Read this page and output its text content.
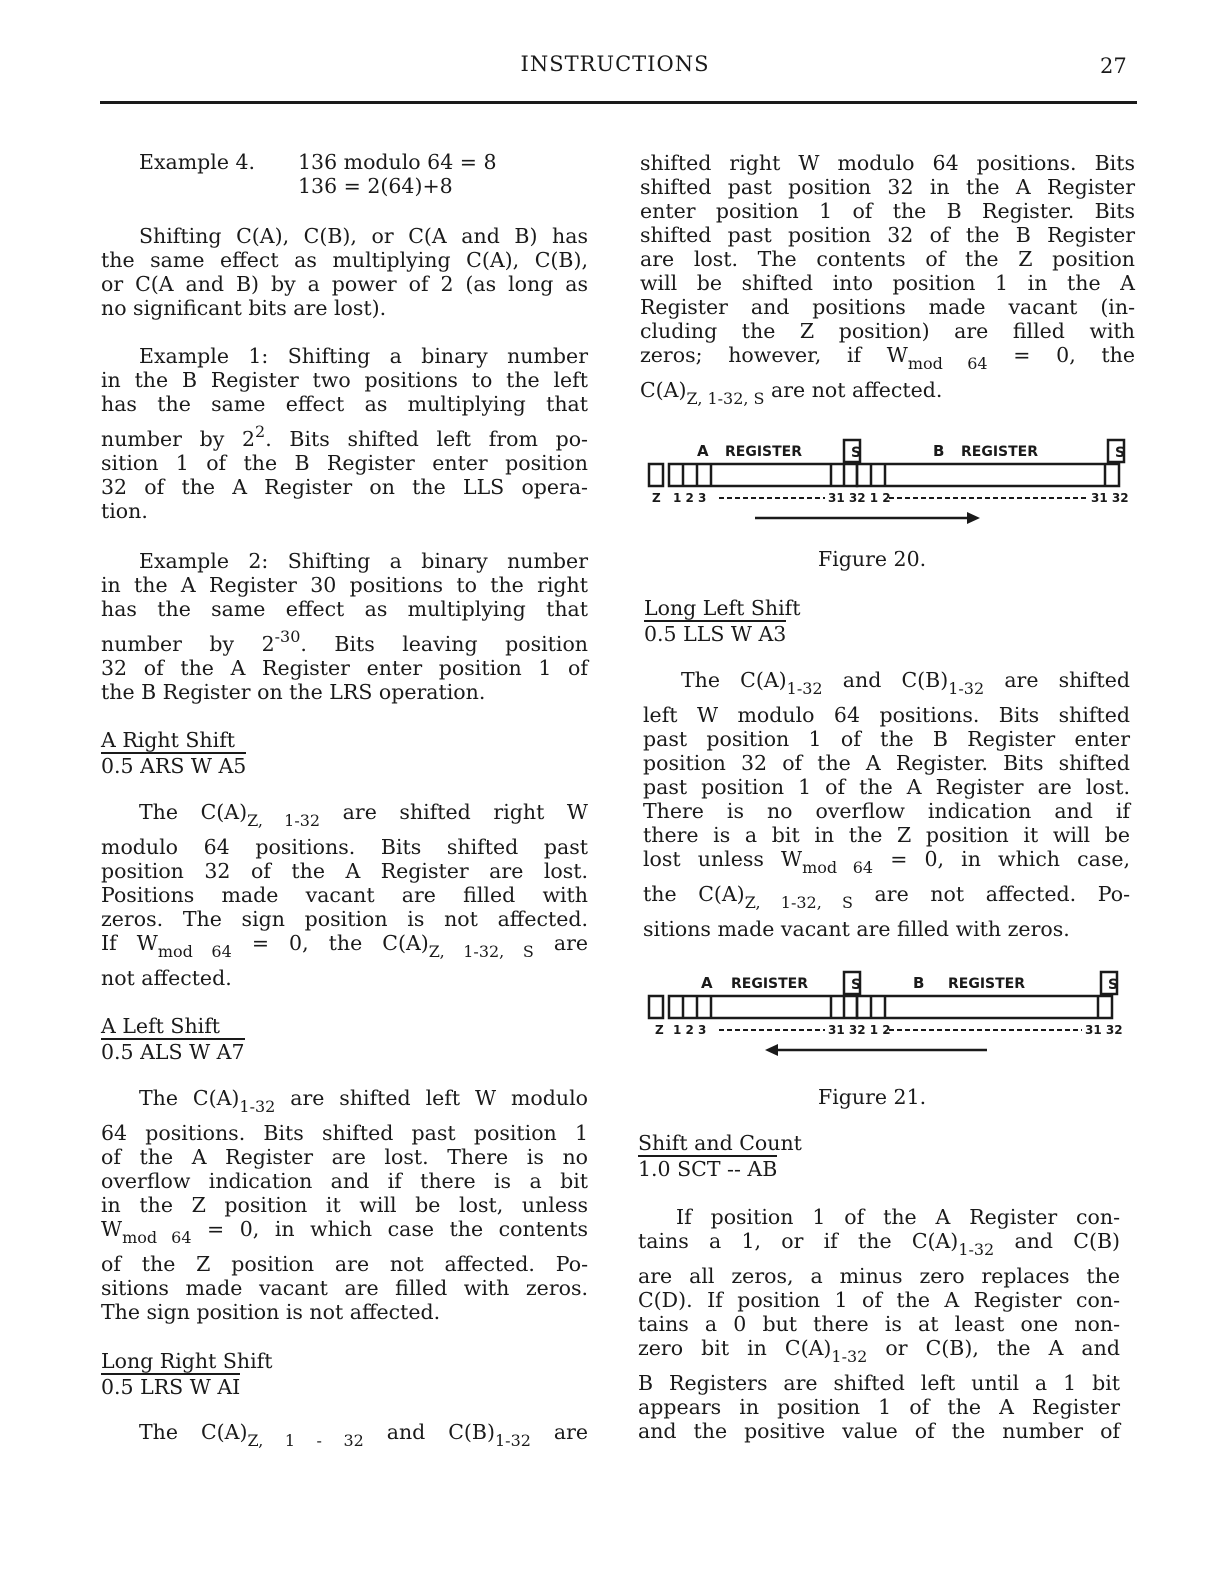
INSTRUCTIONS	27
Example 4. 136 modulo 64 = 8
136 = 2(64)+8

Shifting C(A), C(B), or C(A and B) has

the same effect as multiplying C(A), C(B),

or C(A and B) by a power of 2 (as long as

no significant bits are lost).

Example 1: Shifting a binary number

in the B Register two positions to the left

has the same effect as multiplying that

number by $2^2$. Bits shifted left from po-

sition 1 of the B Register enter position

32 of the A Register on the LLS opera-

tion.

Example 2: Shifting a binary number

in the A Register 30 positions to the right

has the same effect as multiplying that

number by $2^{-30}$. Bits leaving position

32 of the A Register enter position 1 of

the B Register on the LRS operation.

A Right Shift
0.5 ARS W A5

The $C(A)_{Z, 1-32}$ are shifted right W

modulo 64 positions. Bits shifted past

position 32 of the A Register are lost.

Positions made vacant are filled with

zeros. The sign position is not affected.

If $W_{mod 64} = 0$, the $C(A)_{Z, 1-32, S}$ are

not affected.

A Left Shift
0.5 ALS W A7

The $C(A)_{1-32}$ are shifted left W modulo

64 positions. Bits shifted past position 1

of the A Register are lost. There is no

overflow indication and if there is a bit

in the Z position it will be lost, unless

$W_{mod 64} = 0$, in which case the contents

of the Z position are not affected. Po-

sitions made vacant are filled with zeros.

The sign position is not affected.

Long Right Shift
0.5 LRS W AI

The $C(A)_{Z, 1 - 32}$ and $C(B)_{1-32}$ are

shifted right W modulo 64 positions. Bits

shifted past position 32 in the A Register

enter position 1 of the B Register. Bits

shifted past position 32 of the B Register

are lost. The contents of the Z position

will be shifted into position 1 in the A

Register and positions made vacant (in-

cluding the Z position) are filled with

zeros; however, if $W_{mod 64} = 0$, the

$C(A)_{Z, 1-32, S}$ are not affected.

A REGISTER	B REGISTER
S	S
Z 1 2 3	31 32 1 2	31 32
Figure 20.
Long Left Shift
0.5 LLS W A3

The $C(A)_{1-32}$ and $C(B)_{1-32}$ are shifted

left W modulo 64 positions. Bits shifted

past position 1 of the B Register enter

position 32 of the A Register. Bits shifted

past position 1 of the A Register are lost.

There is no overflow indication and if

there is a bit in the Z position it will be

lost unless $W_{mod 64} = 0$, in which case,

the $C(A)_{Z, 1-32, S}$ are not affected. Po-

sitions made vacant are filled with zeros.

A REGISTER	B REGISTER
S	S
Z 1 2 3	31 32 1 2	31 32
Figure 21.
Shift and Count
1.0 SCT -- AB

If position 1 of the A Register con-

tains a 1, or if the $C(A)_{1-32}$ and C(B)

are all zeros, a minus zero replaces the

C(D). If position 1 of the A Register con-

tains a 0 but there is at least one non-

zero bit in $C(A)_{1-32}$ or C(B), the A and

B Registers are shifted left until a 1 bit

appears in position 1 of the A Register

and the positive value of the number of
